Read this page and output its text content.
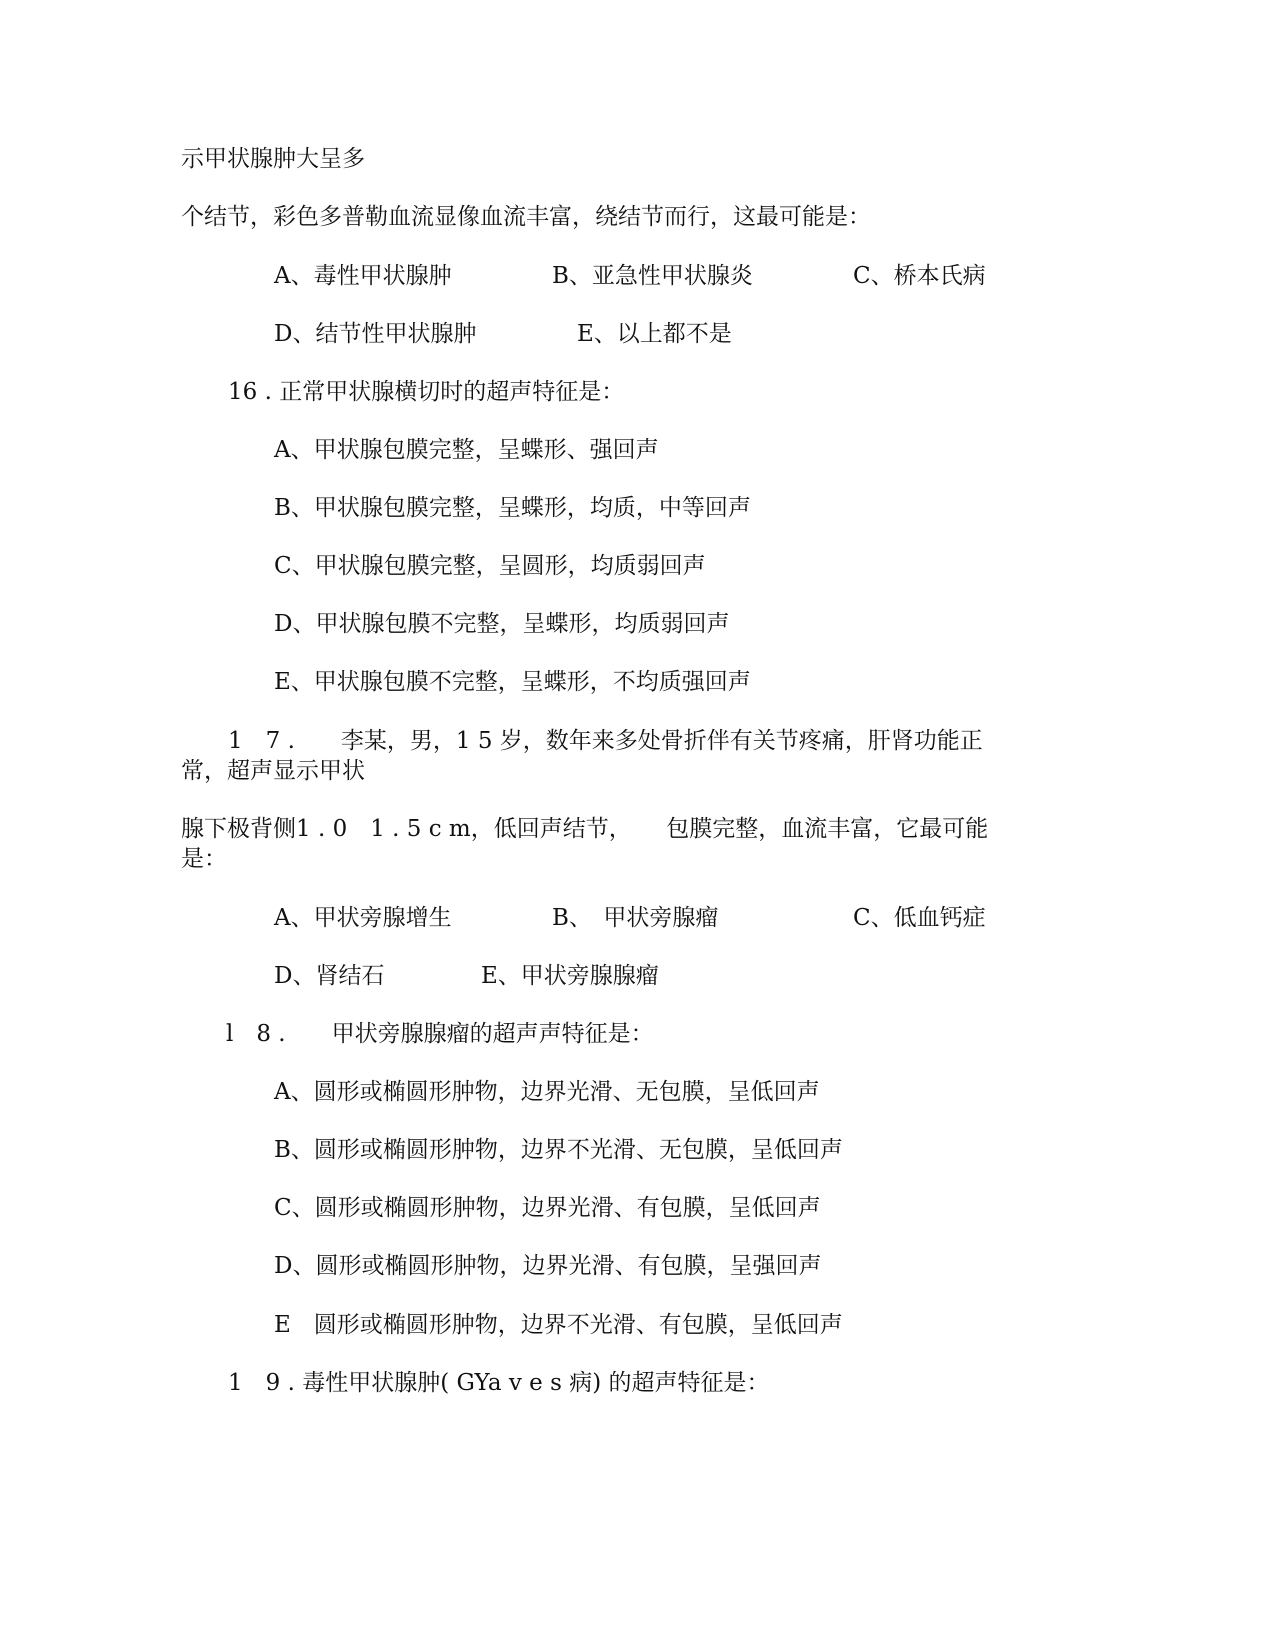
示甲状腺肿大呈多
个结节，彩色多普勒血流显像血流丰富，绕结节而行，这最可能是：
A、毒性甲状腺肿	B、亚急性甲状腺炎	C、桥本氏病
D、结节性甲状腺肿	E、以上都不是
16 . 正常甲状腺横切时的超声特征是：
A、甲状腺包膜完整，呈蝶形、强回声
B、甲状腺包膜完整，呈蝶形，均质，中等回声
C、甲状腺包膜完整，呈圆形，均质弱回声
D、甲状腺包膜不完整，呈蝶形，均质弱回声
E、甲状腺包膜不完整，呈蝶形，不均质强回声
1　7 .　　李某，男，1 5 岁，数年来多处骨折伴有关节疼痛，肝肾功能正
常，超声显示甲状
腺下极背侧1 . 0　1 . 5 c m，低回声结节，　　包膜完整，血流丰富，它最可能
是：
A、甲状旁腺增生	B、　甲状旁腺瘤	C、低血钙症
D、肾结石	E、甲状旁腺腺瘤
l　8 .　　甲状旁腺腺瘤的超声声特征是：
A、圆形或椭圆形肿物，边界光滑、无包膜，呈低回声
B、圆形或椭圆形肿物，边界不光滑、无包膜，呈低回声
C、圆形或椭圆形肿物，边界光滑、有包膜，呈低回声
D、圆形或椭圆形肿物，边界光滑、有包膜，呈强回声
E　圆形或椭圆形肿物，边界不光滑、有包膜，呈低回声
1　9 . 毒性甲状腺肿( GYa v e s 病) 的超声特征是：
